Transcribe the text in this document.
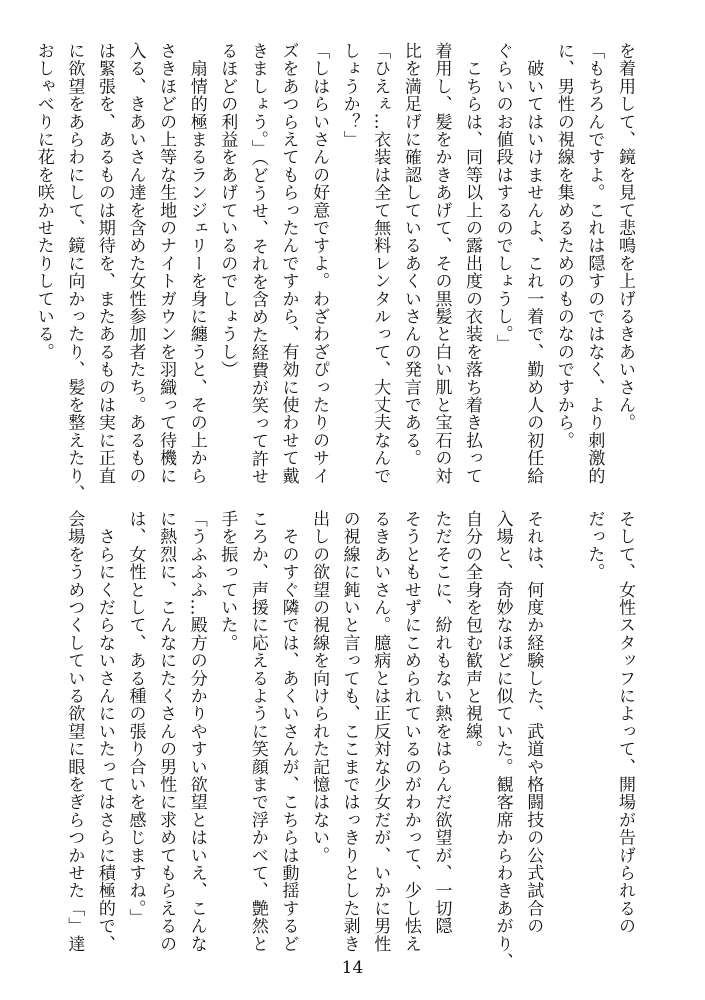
を着用して、鏡を見て悲鳴を上げるきあいさん。
「もちろんですよ。これは隠すのではなく、より刺激的
に、男性の視線を集めるためのものなのですから。
　破いてはいけませんよ、これ一着で、勤め人の初任給
ぐらいのお値段はするのでしょうし。」
　こちらは、同等以上の露出度の衣装を落ち着き払って
着用し、髪をかきあげて、その黒髪と白い肌と宝石の対
比を満足げに確認しているあくいさんの発言である。
「ひえぇ…衣装は全て無料レンタルって、大丈夫なんで
しょうか？」
「しはらいさんの好意ですよ。わざわざぴったりのサイ
ズをあつらえてもらったんですから、有効に使わせて戴
きましょう。」（どうせ、それを含めた経費が笑って許せ
るほどの利益をあげているのでしょうし）
　扇情的極まるランジェリーを身に纏うと、その上から
さきほどの上等な生地のナイトガウンを羽織って待機に
入る、きあいさん達を含めた女性参加者たち。あるもの
は緊張を、あるものは期待を、またあるものは実に正直
に欲望をあらわにして、鏡に向かったり、髪を整えたり、
おしゃべりに花を咲かせたりしている。
そして、女性スタッフによって、開場が告げられるの
だった。

それは、何度か経験した、武道や格闘技の公式試合の
入場と、奇妙なほどに似ていた。観客席からわきあがり、
自分の全身を包む歓声と視線。
ただそこに、紛れもない熱をはらんだ欲望が、一切隠
そうともせずにこめられているのがわかって、少し怯え
るきあいさん。臆病とは正反対な少女だが、いかに男性
の視線に鈍いと言っても、ここまではっきりとした剥き
出しの欲望の視線を向けられた記憶はない。
　そのすぐ隣では、あくいさんが、こちらは動揺するど
ころか、声援に応えるように笑顔まで浮かべて、艶然と
手を振っていた。
「うふふふ…殿方の分かりやすい欲望とはいえ、こんな
に熱烈に、こんなにたくさんの男性に求めてもらえるの
は、女性として、ある種の張り合いを感じますね。」
　さらにくだらないさんにいたってはさらに積極的で、
会場をうめつくしている欲望に眼をぎらつかせた「」達
14
